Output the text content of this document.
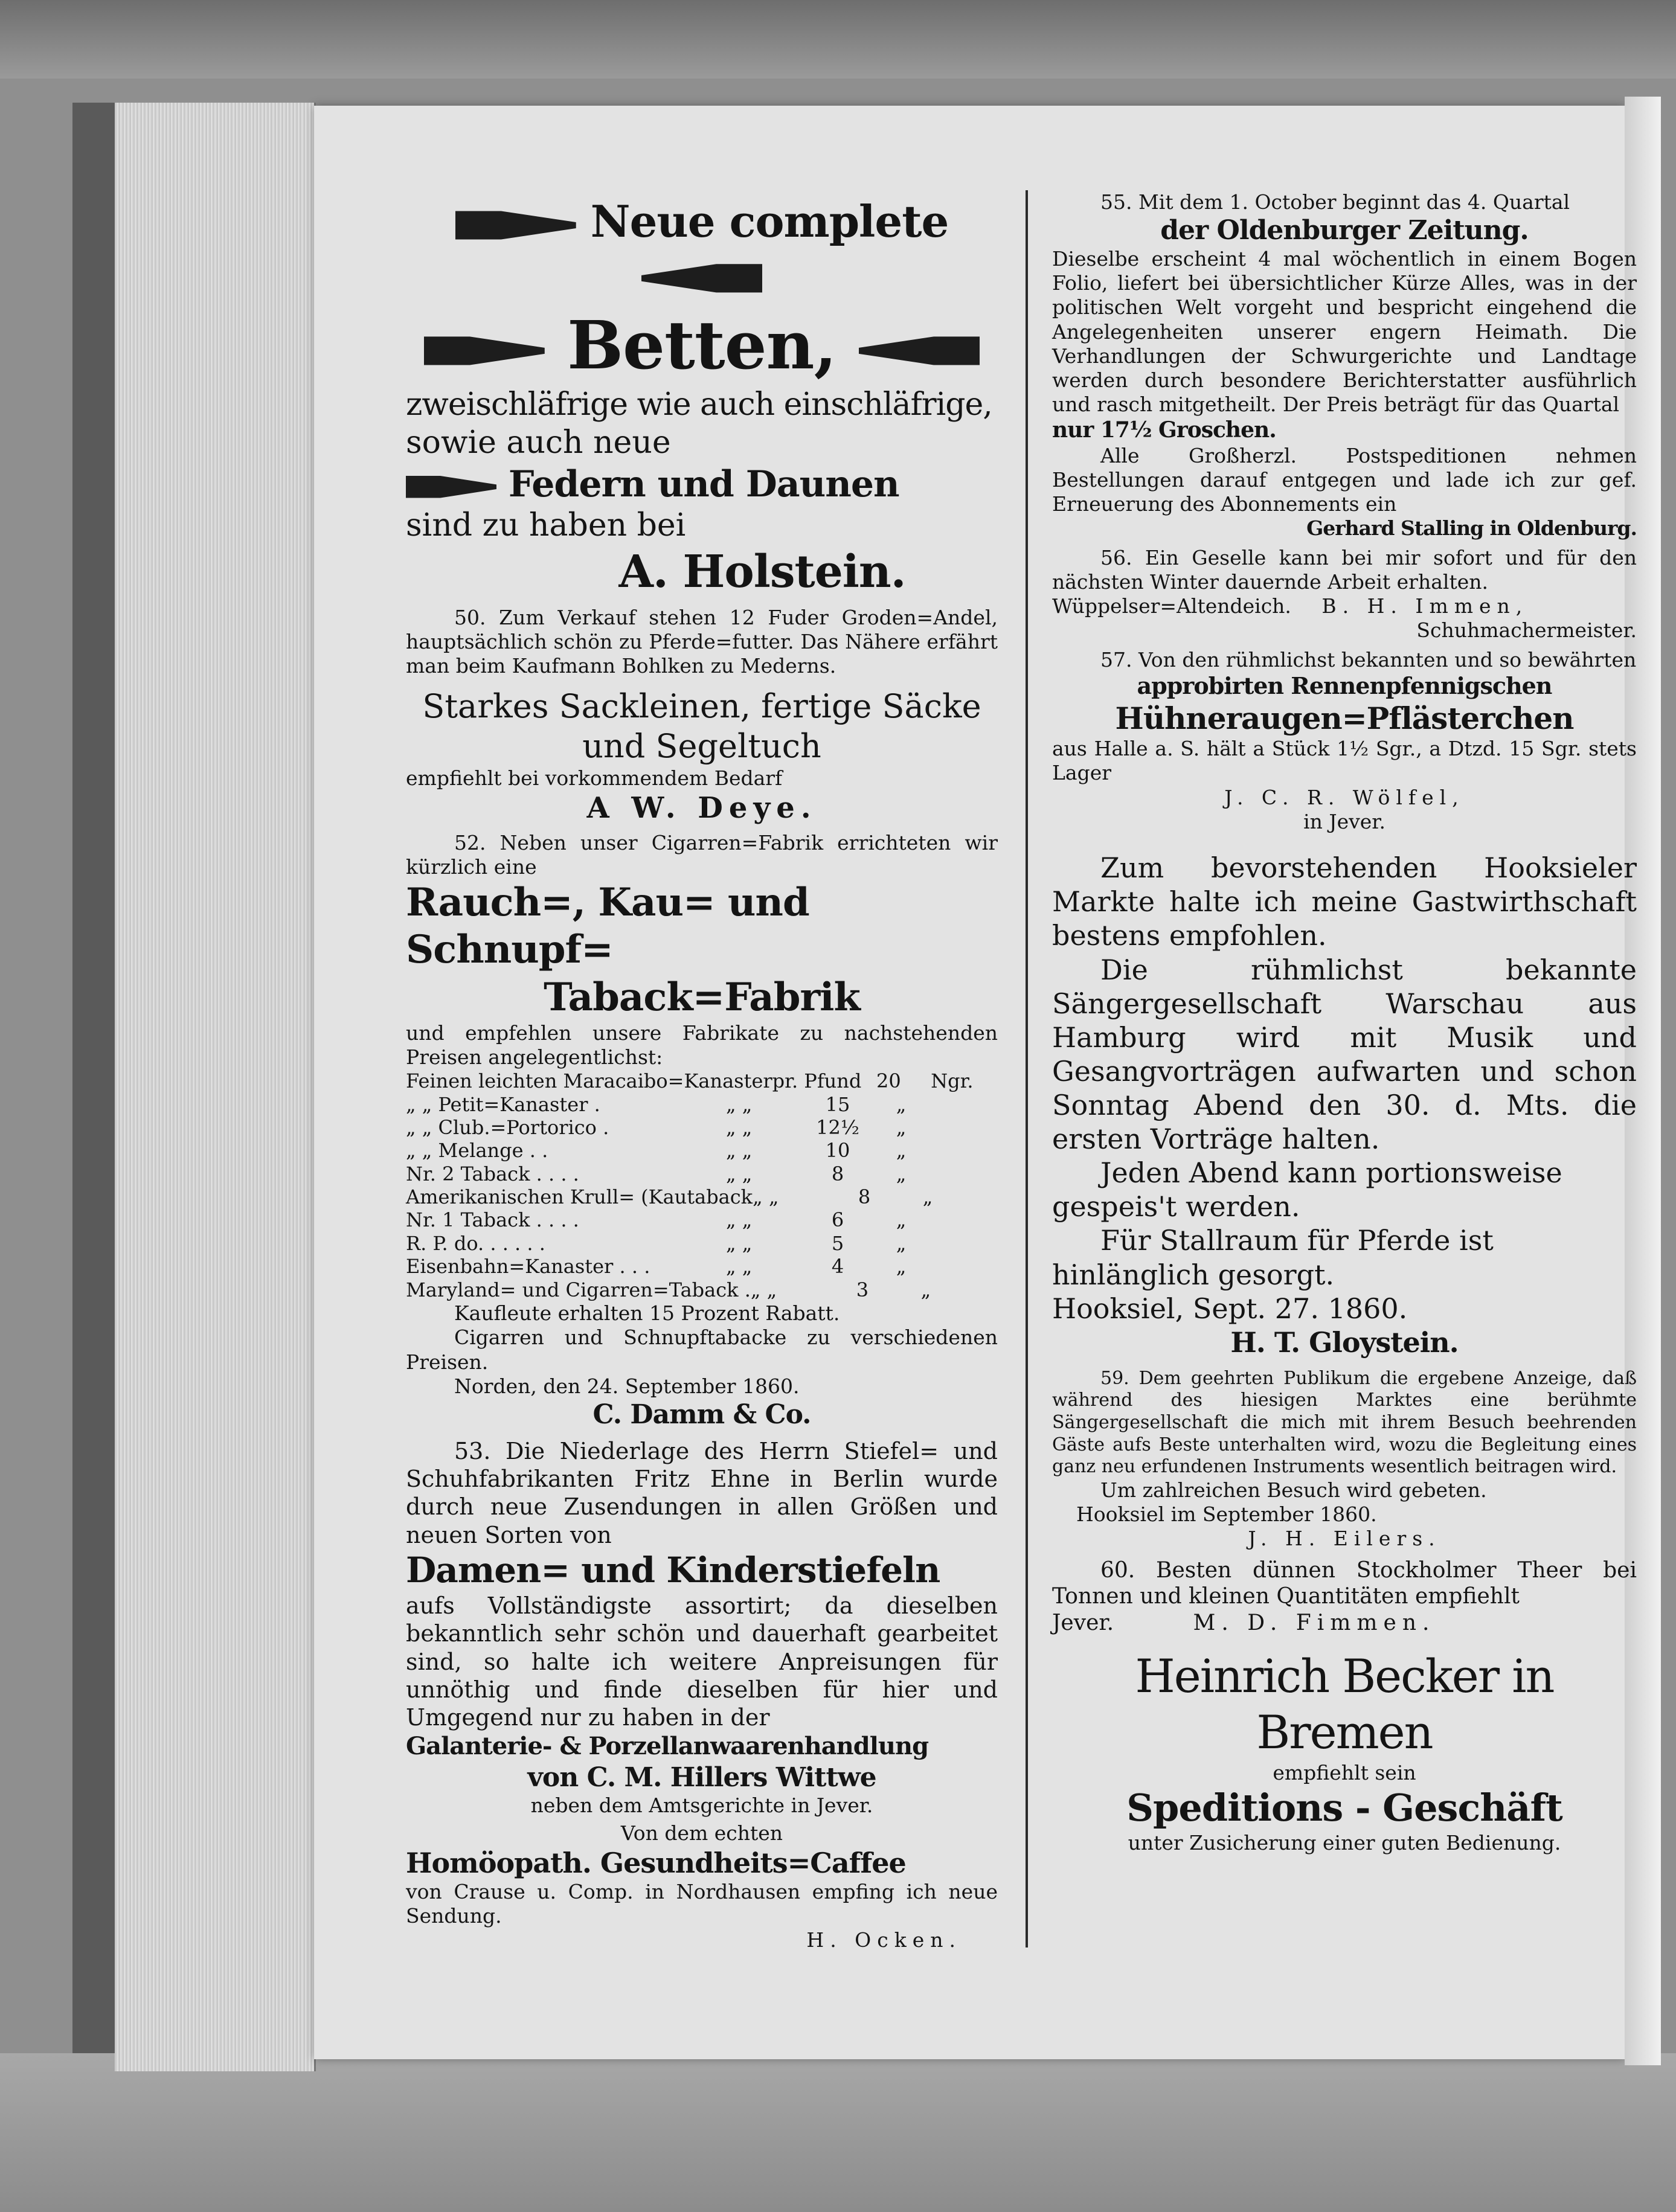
Neue complete

Betten,

zweischläfrige wie auch einschläfrige,

sowie auch neue

Federn und Daunen

sind zu haben bei

A. Holstein.

50. Zum Verkauf stehen 12 Fuder Groden=Andel, hauptsächlich schön zu Pferde=futter. Das Nähere erfährt man beim Kaufmann Bohlken zu Mederns.

Starkes Sackleinen, fertige Säcke

und Segeltuch

empfiehlt bei vorkommendem Bedarf

A W. Deye.

52. Neben unser Cigarren=Fabrik errichteten wir kürzlich eine

Rauch=, Kau= und Schnupf=

Taback=Fabrik

und empfehlen unsere Fabrikate zu nachstehenden Preisen angelegentlichst:

Feinen leichten Maracaibo=Kanaster pr. Pfund 20	Ngr.
„ „ Petit=Kanaster .	„ „	15	„
„ „ Club.=Portorico .	„ „	12½	„
„ „ Melange . .	„ „	10	„
Nr. 2 Taback . . . .	„ „	8	„
Amerikanischen Krull= (Kautaback „ „	8	„
Nr. 1 Taback . . . .	„ „	6	„
R. P. do. . . . . .	„ „	5	„
Eisenbahn=Kanaster . . .	„ „	4	„
Maryland= und Cigarren=Taback . „ „	3	„

Kaufleute erhalten 15 Prozent Rabatt.

Cigarren und Schnupftabacke zu verschiedenen Preisen.

Norden, den 24. September 1860.

C. Damm & Co.

53. Die Niederlage des Herrn Stiefel= und Schuhfabrikanten Fritz Ehne in Berlin wurde durch neue Zusendungen in allen Größen und neuen Sorten von

Damen= und Kinderstiefeln

aufs Vollständigste assortirt; da dieselben bekanntlich sehr schön und dauerhaft gearbeitet sind, so halte ich weitere Anpreisungen für unnöthig und finde dieselben für hier und Umgegend nur zu haben in der

Galanterie- & Porzellanwaarenhandlung

von C. M. Hillers Wittwe

neben dem Amtsgerichte in Jever.

Von dem echten

Homöopath. Gesundheits=Caffee

von Crause u. Comp. in Nordhausen empfing ich neue Sendung.

H. Ocken.

55. Mit dem 1. October beginnt das 4. Quartal

der Oldenburger Zeitung.

Dieselbe erscheint 4 mal wöchentlich in einem Bogen Folio, liefert bei übersichtlicher Kürze Alles, was in der politischen Welt vorgeht und bespricht eingehend die Angelegenheiten unserer engern Heimath. Die Verhandlungen der Schwurgerichte und Landtage werden durch besondere Berichterstatter ausführlich und rasch mitgetheilt. Der Preis beträgt für das Quartal

nur 17½ Groschen.

Alle Großherzl. Postspeditionen nehmen Bestellungen darauf entgegen und lade ich zur gef. Erneuerung des Abonnements ein

Gerhard Stalling in Oldenburg.

56. Ein Geselle kann bei mir sofort und für den nächsten Winter dauernde Arbeit erhalten.

Wüppelser=Altendeich. B. H. Immen,

Schuhmachermeister.

57. Von den rühmlichst bekannten und so bewährten

approbirten Rennenpfennigschen

Hühneraugen=Pflästerchen

aus Halle a. S. hält a Stück 1½ Sgr., a Dtzd. 15 Sgr. stets Lager

J. C. R. Wölfel,

in Jever.

Zum bevorstehenden Hooksieler Markte halte ich meine Gastwirthschaft bestens empfohlen.

Die rühmlichst bekannte Sängergesellschaft Warschau aus Hamburg wird mit Musik und Gesangvorträgen aufwarten und schon Sonntag Abend den 30. d. Mts. die ersten Vorträge halten.

Jeden Abend kann portionsweise gespeis't werden.

Für Stallraum für Pferde ist hinlänglich gesorgt.

Hooksiel, Sept. 27. 1860.

H. T. Gloystein.

59. Dem geehrten Publikum die ergebene Anzeige, daß während des hiesigen Marktes eine berühmte Sängergesellschaft die mich mit ihrem Besuch beehrenden Gäste aufs Beste unterhalten wird, wozu die Begleitung eines ganz neu erfundenen Instruments wesentlich beitragen wird.

Um zahlreichen Besuch wird gebeten.

Hooksiel im September 1860.

J. H. Eilers.

60. Besten dünnen Stockholmer Theer bei Tonnen und kleinen Quantitäten empfiehlt

Jever.	M. D. Fimmen.

Heinrich Becker in Bremen

empfiehlt sein

Speditions - Geschäft

unter Zusicherung einer guten Bedienung.
